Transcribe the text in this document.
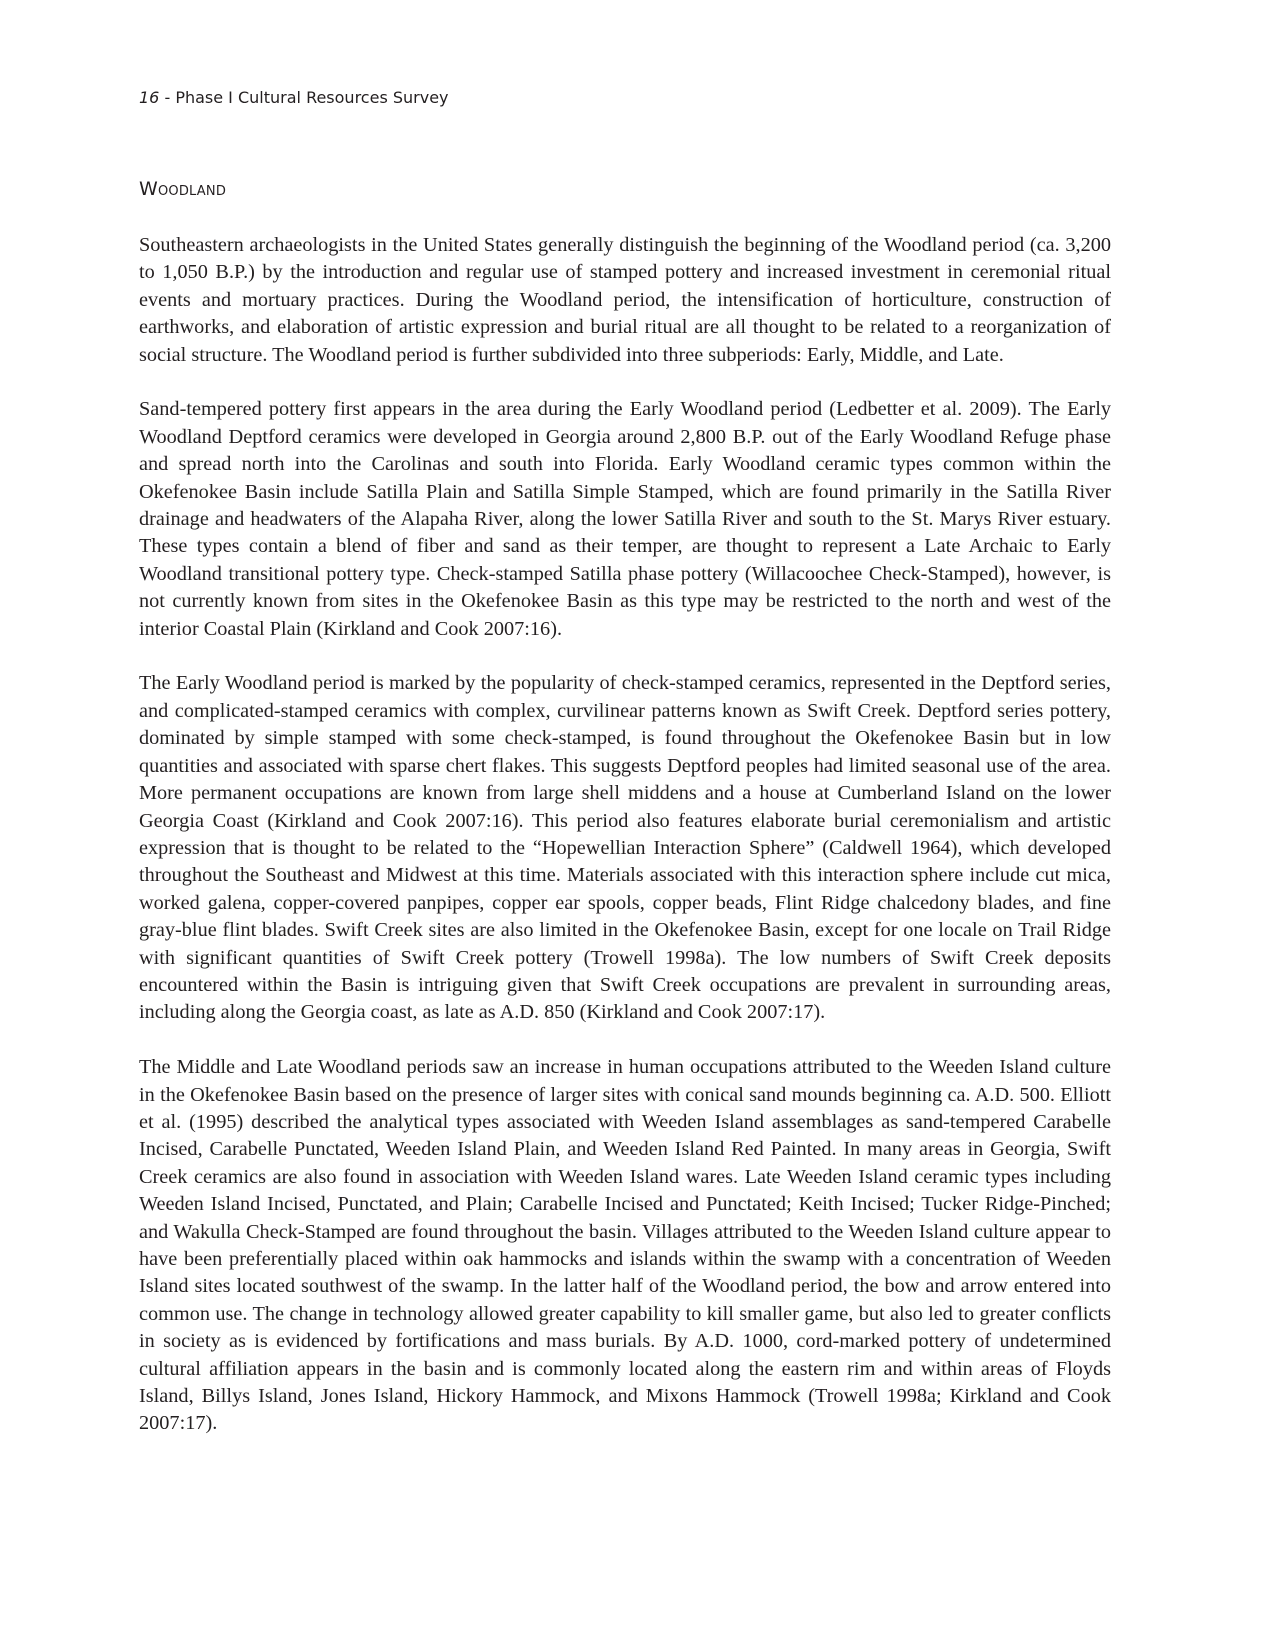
16 - Phase I Cultural Resources Survey
Woodland

Southeastern archaeologists in the United States generally distinguish the beginning of the Woodland period (ca. 3,200 to 1,050 B.P.) by the introduction and regular use of stamped pottery and increased investment in ceremonial ritual events and mortuary practices. During the Woodland period, the intensification of horticulture, construction of earthworks, and elaboration of artistic expression and burial ritual are all thought to be related to a reorganization of social structure. The Woodland period is further subdivided into three subperiods: Early, Middle, and Late.

Sand-tempered pottery first appears in the area during the Early Woodland period (Ledbetter et al. 2009). The Early Woodland Deptford ceramics were developed in Georgia around 2,800 B.P. out of the Early Woodland Refuge phase and spread north into the Carolinas and south into Florida. Early Woodland ceramic types common within the Okefenokee Basin include Satilla Plain and Satilla Simple Stamped, which are found primarily in the Satilla River drainage and headwaters of the Alapaha River, along the lower Satilla River and south to the St. Marys River estuary. These types contain a blend of fiber and sand as their temper, are thought to represent a Late Archaic to Early Woodland transitional pottery type. Check-stamped Satilla phase pottery (Willacoochee Check-Stamped), however, is not currently known from sites in the Okefenokee Basin as this type may be restricted to the north and west of the interior Coastal Plain (Kirkland and Cook 2007:16).

The Early Woodland period is marked by the popularity of check-stamped ceramics, represented in the Deptford series, and complicated-stamped ceramics with complex, curvilinear patterns known as Swift Creek. Deptford series pottery, dominated by simple stamped with some check-stamped, is found throughout the Okefenokee Basin but in low quantities and associated with sparse chert flakes. This suggests Deptford peoples had limited seasonal use of the area. More permanent occupations are known from large shell middens and a house at Cumberland Island on the lower Georgia Coast (Kirkland and Cook 2007:16). This period also features elaborate burial ceremonialism and artistic expression that is thought to be related to the “Hopewellian Interaction Sphere” (Caldwell 1964), which developed throughout the Southeast and Midwest at this time. Materials associated with this interaction sphere include cut mica, worked galena, copper-covered panpipes, copper ear spools, copper beads, Flint Ridge chalcedony blades, and fine gray-blue flint blades. Swift Creek sites are also limited in the Okefenokee Basin, except for one locale on Trail Ridge with significant quantities of Swift Creek pottery (Trowell 1998a). The low numbers of Swift Creek deposits encountered within the Basin is intriguing given that Swift Creek occupations are prevalent in surrounding areas, including along the Georgia coast, as late as A.D. 850 (Kirkland and Cook 2007:17).

The Middle and Late Woodland periods saw an increase in human occupations attributed to the Weeden Island culture in the Okefenokee Basin based on the presence of larger sites with conical sand mounds beginning ca. A.D. 500. Elliott et al. (1995) described the analytical types associated with Weeden Island assemblages as sand-tempered Carabelle Incised, Carabelle Punctated, Weeden Island Plain, and Weeden Island Red Painted. In many areas in Georgia, Swift Creek ceramics are also found in association with Weeden Island wares. Late Weeden Island ceramic types including Weeden Island Incised, Punctated, and Plain; Carabelle Incised and Punctated; Keith Incised; Tucker Ridge-Pinched; and Wakulla Check-Stamped are found throughout the basin. Villages attributed to the Weeden Island culture appear to have been preferentially placed within oak hammocks and islands within the swamp with a concentration of Weeden Island sites located southwest of the swamp. In the latter half of the Woodland period, the bow and arrow entered into common use. The change in technology allowed greater capability to kill smaller game, but also led to greater conflicts in society as is evidenced by fortifications and mass burials. By A.D. 1000, cord-marked pottery of undetermined cultural affiliation appears in the basin and is commonly located along the eastern rim and within areas of Floyds Island, Billys Island, Jones Island, Hickory Hammock, and Mixons Hammock (Trowell 1998a; Kirkland and Cook 2007:17).
